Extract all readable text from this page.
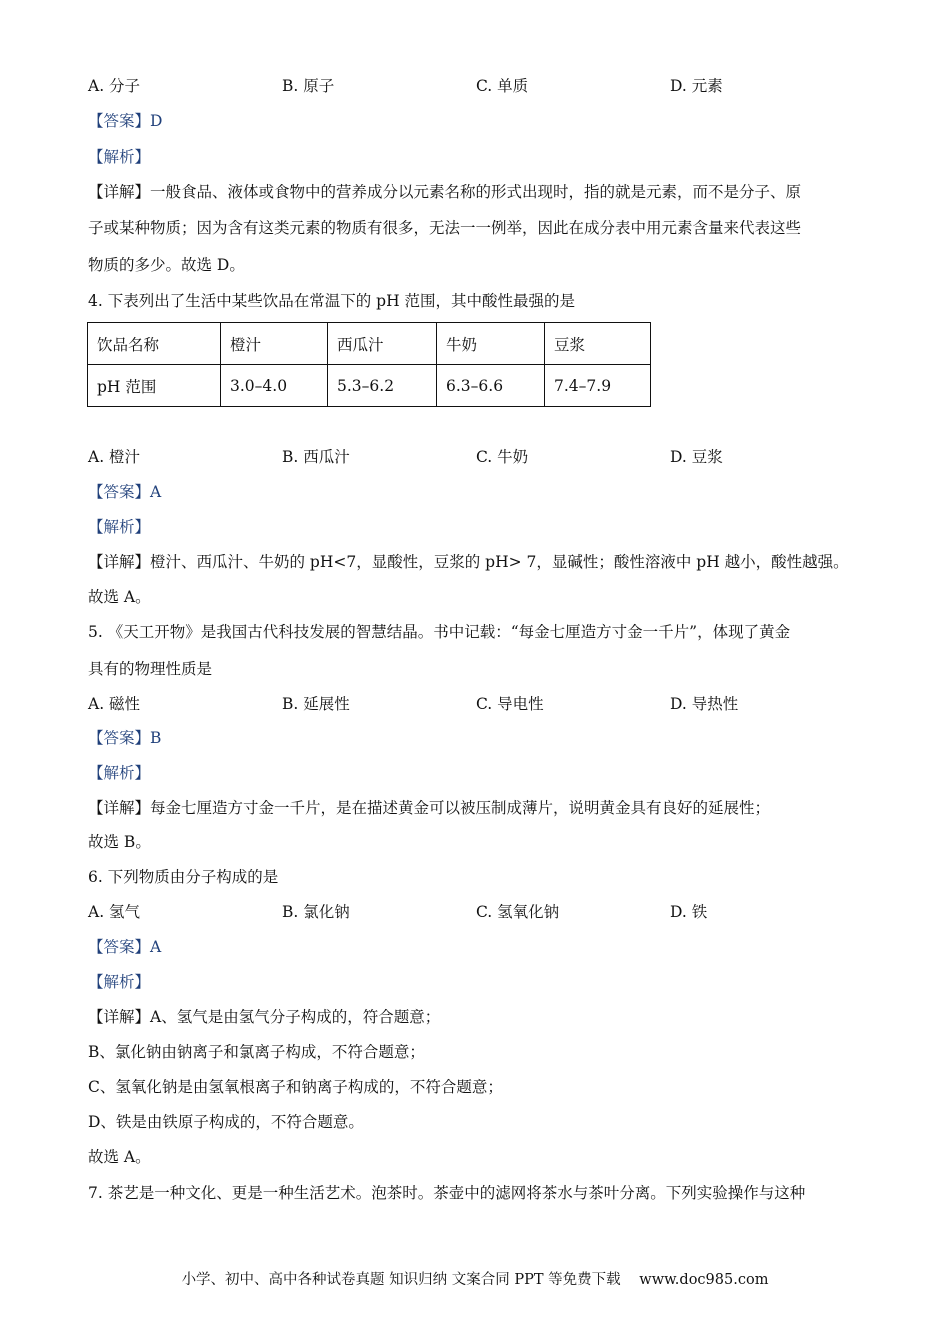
A. 分子	B. 原子	C. 单质	D. 元素
【答案】D
【解析】
【详解】一般食品、液体或食物中的营养成分以元素名称的形式出现时，指的就是元素，而不是分子、原
子或某种物质；因为含有这类元素的物质有很多，无法一一例举，因此在成分表中用元素含量来代表这些
物质的多少。故选 D。
4. 下表列出了生活中某些饮品在常温下的 pH 范围，其中酸性最强的是
饮品名称	橙汁	西瓜汁	牛奶	豆浆
pH 范围	3.0–4.0	5.3–6.2	6.3–6.6	7.4–7.9
A. 橙汁	B. 西瓜汁	C. 牛奶	D. 豆浆
【答案】A
【解析】
【详解】橙汁、西瓜汁、牛奶的 pH<7，显酸性，豆浆的 pH> 7，显碱性；酸性溶液中 pH 越小，酸性越强。
故选 A。
5. 《天工开物》是我国古代科技发展的智慧结晶。书中记载：“每金七厘造方寸金一千片”，体现了黄金
具有的物理性质是
A. 磁性	B. 延展性	C. 导电性	D. 导热性
【答案】B
【解析】
【详解】每金七厘造方寸金一千片，是在描述黄金可以被压制成薄片，说明黄金具有良好的延展性；
故选 B。
6. 下列物质由分子构成的是
A. 氢气	B. 氯化钠	C. 氢氧化钠	D. 铁
【答案】A
【解析】
【详解】A、氢气是由氢气分子构成的，符合题意；
B、氯化钠由钠离子和氯离子构成，不符合题意；
C、氢氧化钠是由氢氧根离子和钠离子构成的，不符合题意；
D、铁是由铁原子构成的，不符合题意。
故选 A。
7. 茶艺是一种文化、更是一种生活艺术。泡茶时。茶壶中的滤网将茶水与茶叶分离。下列实验操作与这种
小学、初中、高中各种试卷真题 知识归纳 文案合同 PPT 等免费下载 www.doc985.com
